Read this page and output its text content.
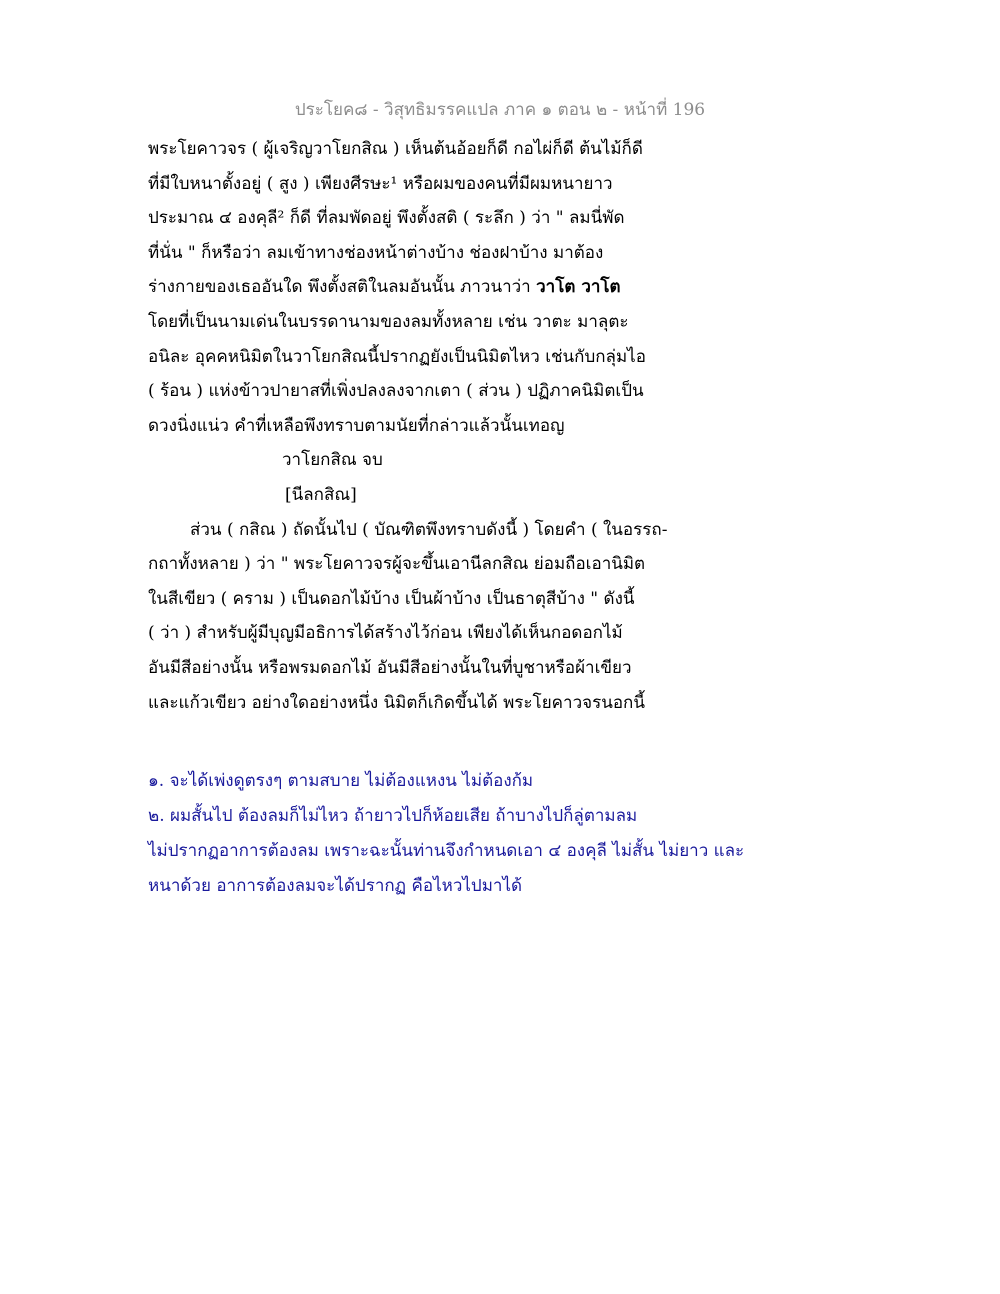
ประโยค๘ - วิสุทธิมรรคแปล ภาค ๑ ตอน ๒ - หน้าที่ 196
พระโยคาวจร ( ผู้เจริญวาโยกสิณ ) เห็นต้นอ้อยก็ดี กอไผ่ก็ดี ต้นไม้ก็ดี
ที่มีใบหนาตั้งอยู่ ( สูง ) เพียงศีรษะ¹ หรือผมของคนที่มีผมหนายาว
ประมาณ ๔ องคุลี² ก็ดี ที่ลมพัดอยู่ พึงตั้งสติ ( ระลึก ) ว่า " ลมนี่พัด
ที่นั่น " ก็หรือว่า ลมเข้าทางช่องหน้าต่างบ้าง ช่องฝาบ้าง มาต้อง
ร่างกายของเธออันใด พึงตั้งสติในลมอันนั้น ภาวนาว่า วาโต วาโต
โดยที่เป็นนามเด่นในบรรดานามของลมทั้งหลาย เช่น วาตะ มาลุตะ
อนิละ อุคคหนิมิตในวาโยกสิณนี้ปรากฏยังเป็นนิมิตไหว เช่นกับกลุ่มไอ
( ร้อน ) แห่งข้าวปายาสที่เพิ่งปลงลงจากเตา ( ส่วน ) ปฏิภาคนิมิตเป็น
ดวงนิ่งแน่ว คำที่เหลือพึงทราบตามนัยที่กล่าวแล้วนั้นเทอญ
วาโยกสิณ จบ
[นีลกสิณ]
ส่วน ( กสิณ ) ถัดนั้นไป ( บัณฑิตพึงทราบดังนี้ ) โดยคำ ( ในอรรถ-
กถาทั้งหลาย ) ว่า " พระโยคาวจรผู้จะขึ้นเอานีลกสิณ ย่อมถือเอานิมิต
ในสีเขียว ( คราม ) เป็นดอกไม้บ้าง เป็นผ้าบ้าง เป็นธาตุสีบ้าง " ดังนี้
( ว่า ) สำหรับผู้มีบุญมีอธิการได้สร้างไว้ก่อน เพียงได้เห็นกอดอกไม้
อันมีสีอย่างนั้น หรือพรมดอกไม้ อันมีสีอย่างนั้นในที่บูชาหรือผ้าเขียว
และแก้วเขียว อย่างใดอย่างหนึ่ง นิมิตก็เกิดขึ้นได้ พระโยคาวจรนอกนี้
๑. จะได้เพ่งดูตรงๆ ตามสบาย ไม่ต้องแหงน ไม่ต้องก้ม
๒. ผมสั้นไป ต้องลมก็ไม่ไหว ถ้ายาวไปก็ห้อยเสีย ถ้าบางไปก็ลู่ตามลม
ไม่ปรากฏอาการต้องลม เพราะฉะนั้นท่านจึงกำหนดเอา ๔ องคุลี ไม่สั้น ไม่ยาว และ
หนาด้วย อาการต้องลมจะได้ปรากฏ คือไหวไปมาได้
